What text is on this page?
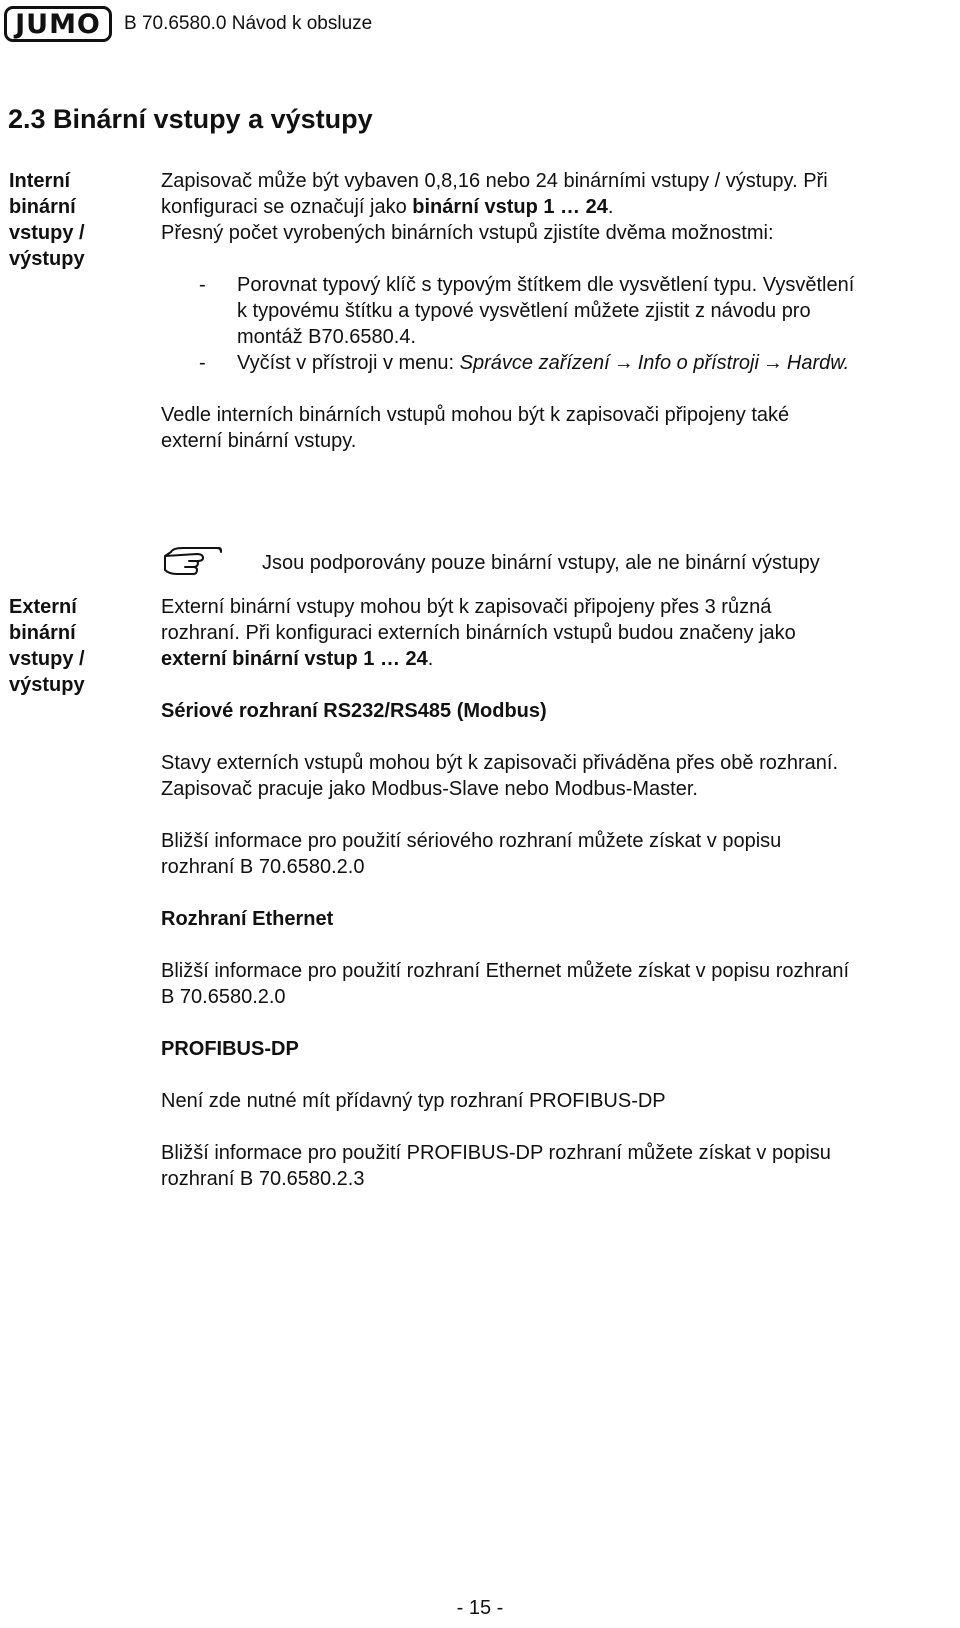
JUMO	B 70.6580.0 Návod k obsluze
2.3 Binární vstupy a výstupy
Interní
binární
vstupy /
výstupy
Zapisovač může být vybaven 0,8,16 nebo 24 binárními vstupy / výstupy. Při
konfiguraci se označují jako binární vstup 1 … 24.
Přesný počet vyrobených binárních vstupů zjistíte dvěma možnostmi:
- Porovnat typový klíč s typovým štítkem dle vysvětlení typu. Vysvětlení
k typovému štítku a typové vysvětlení můžete zjistit z návodu pro
montáž B70.6580.4.
- Vyčíst v přístroji v menu: Správce zařízení → Info o přístroji → Hardw.
Vedle interních binárních vstupů mohou být k zapisovači připojeny také
externí binární vstupy.
Jsou podporovány pouze binární vstupy, ale ne binární výstupy
Externí
binární
vstupy /
výstupy
Externí binární vstupy mohou být k zapisovači připojeny přes 3 různá
rozhraní. Při konfiguraci externích binárních vstupů budou značeny jako
externí binární vstup 1 … 24.
Sériové rozhraní RS232/RS485 (Modbus)
Stavy externích vstupů mohou být k zapisovači přiváděna přes obě rozhraní.
Zapisovač pracuje jako Modbus-Slave nebo Modbus-Master.
Bližší informace pro použití sériového rozhraní můžete získat v popisu
rozhraní B 70.6580.2.0
Rozhraní Ethernet
Bližší informace pro použití rozhraní Ethernet můžete získat v popisu rozhraní
B 70.6580.2.0
PROFIBUS-DP
Není zde nutné mít přídavný typ rozhraní PROFIBUS-DP
Bližší informace pro použití PROFIBUS-DP rozhraní můžete získat v popisu
rozhraní B 70.6580.2.3
- 15 -
